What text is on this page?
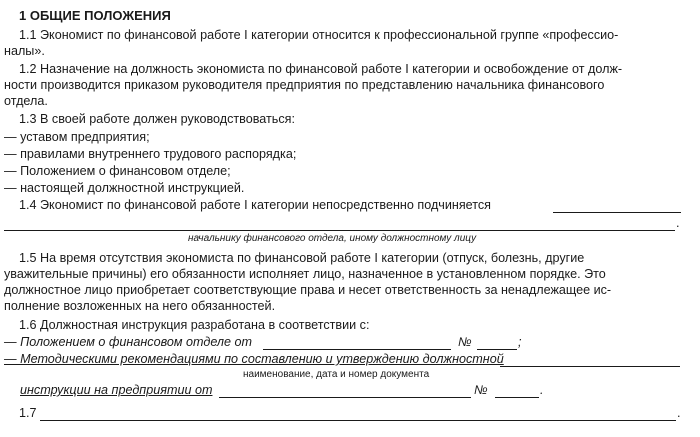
1 ОБЩИЕ ПОЛОЖЕНИЯ
1.1 Экономист по финансовой работе I категории относится к профессиональной группе «профессио-
налы».
1.2 Назначение на должность экономиста по финансовой работе I категории и освобождение от долж-
ности производится приказом руководителя предприятия по представлению начальника финансового
отдела.
1.3 В своей работе должен руководствоваться:
— уставом предприятия;
— правилами внутреннего трудового распорядка;
— Положением о финансовом отделе;
— настоящей должностной инструкцией.
1.4 Экономист по финансовой работе I категории непосредственно подчиняется
.
начальнику финансового отдела, иному должностному лицу
1.5 На время отсутствия экономиста по финансовой работе I категории (отпуск, болезнь, другие
уважительные причины) его обязанности исполняет лицо, назначенное в установленном порядке. Это
должностное лицо приобретает соответствующие права и несет ответственность за ненадлежащее ис-
полнение возложенных на него обязанностей.
1.6 Должностная инструкция разработана в соответствии с:
— Положением о финансовом отделе от	№	;
— Методическими рекомендациями по составлению и утверждению должностной
наименование, дата и номер документа
инструкции на предприятии от	№	.
1.7	.
